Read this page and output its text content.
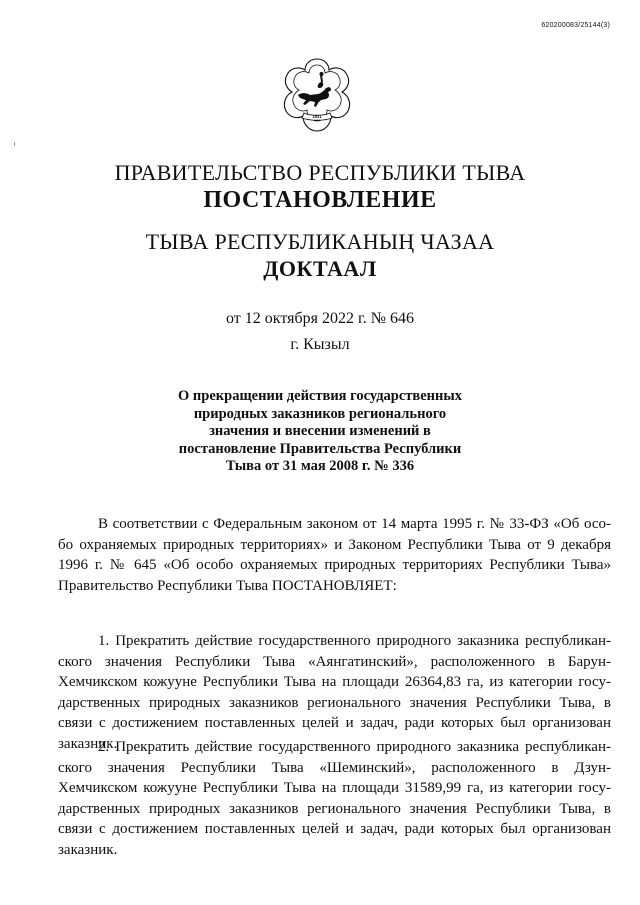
620200083/25144(3)
1921
ПРАВИТЕЛЬСТВО РЕСПУБЛИКИ ТЫВА
ПОСТАНОВЛЕНИЕ
ТЫВА РЕСПУБЛИКАНЫҢ ЧАЗАА
ДОКТААЛ
от 12 октября 2022 г. № 646
г. Кызыл
О прекращении действия государственных
природных заказников регионального
значения и внесении изменений в
постановление Правительства Республики
Тыва от 31 мая 2008 г. № 336
В соответствии с Федеральным законом от 14 марта 1995 г. № 33-ФЗ «Об осо-
бо охраняемых природных территориях» и Законом Республики Тыва от 9 декабря
1996 г. № 645 «Об особо охраняемых природных территориях Республики Тыва»
Правительство Республики Тыва ПОСТАНОВЛЯЕТ:
1. Прекратить действие государственного природного заказника республикан-
ского значения Республики Тыва «Аянгатинский», расположенного в Барун-
Хемчикском кожууне Республики Тыва на площади 26364,83 га, из категории госу-
дарственных природных заказников регионального значения Республики Тыва, в
связи с достижением поставленных целей и задач, ради которых был организован
заказник.
2. Прекратить действие государственного природного заказника республикан-
ского значения Республики Тыва «Шеминский», расположенного в Дзун-
Хемчикском кожууне Республики Тыва на площади 31589,99 га, из категории госу-
дарственных природных заказников регионального значения Республики Тыва, в
связи с достижением поставленных целей и задач, ради которых был организован
заказник.
